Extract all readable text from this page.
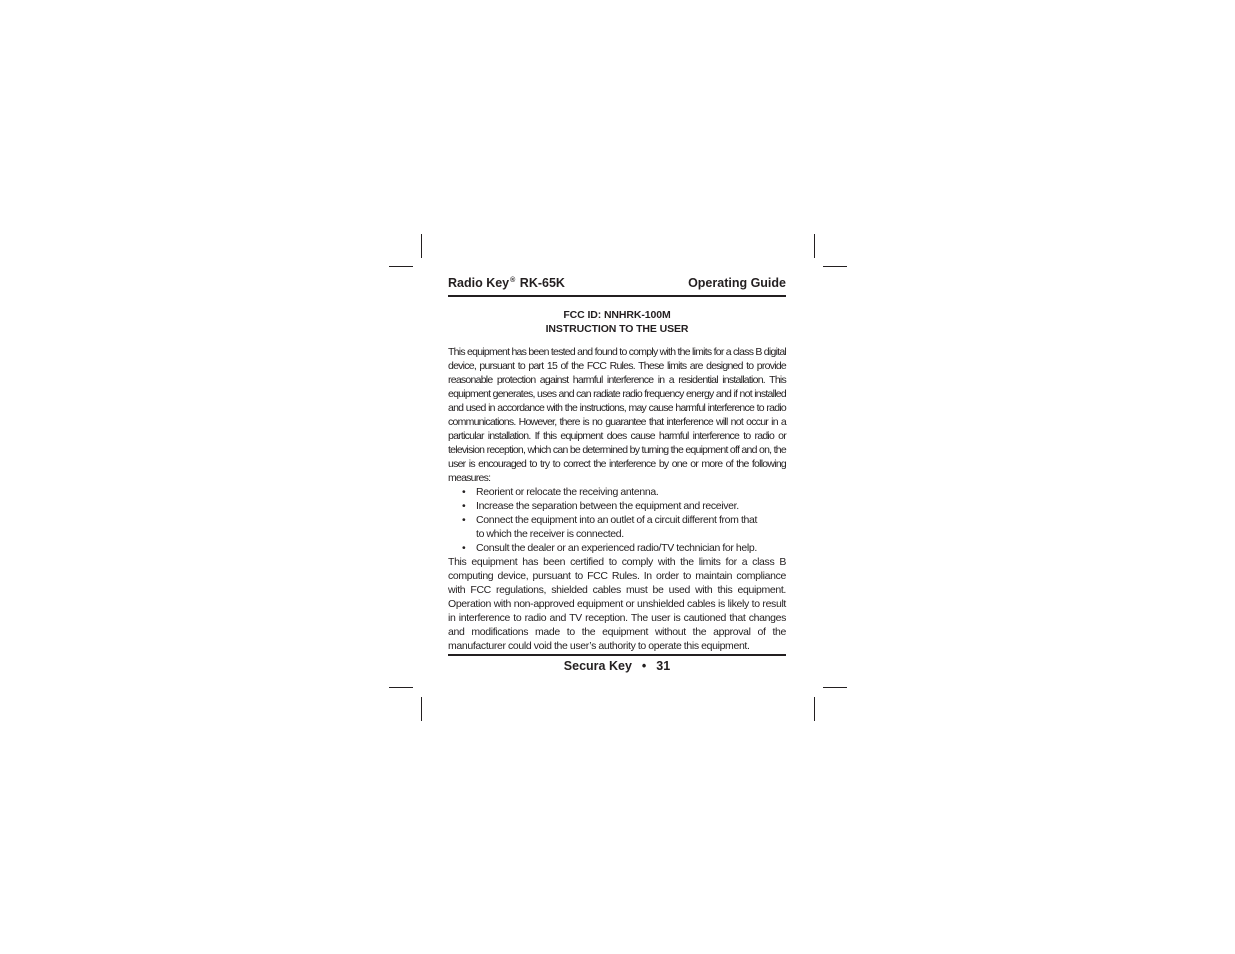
Radio Key® RK-65K	Operating Guide
FCC ID: NNHRK-100M
INSTRUCTION TO THE USER

This equipment has been tested and found to comply with the limits for a class B digital device, pursuant to part 15 of the FCC Rules. These limits are designed to provide reasonable protection against harmful interference in a residential installation. This equipment generates, uses and can radiate radio frequency energy and if not installed and used in accordance with the instructions, may cause harmful interference to radio communications. However, there is no guarantee that interference will not occur in a particular installation. If this equipment does cause harmful interference to radio or television reception, which can be determined by turning the equipment off and on, the user is encouraged to try to correct the interference by one or more of the following measures:

• Reorient or relocate the receiving antenna.
• Increase the separation between the equipment and receiver.
• Connect the equipment into an outlet of a circuit different from that to which the receiver is connected.
• Consult the dealer or an experienced radio/TV technician for help.

This equipment has been certified to comply with the limits for a class B computing device, pursuant to FCC Rules. In order to maintain compliance with FCC regulations, shielded cables must be used with this equipment. Operation with non-approved equipment or unshielded cables is likely to result in interference to radio and TV reception. The user is cautioned that changes and modifications made to the equipment without the approval of the manufacturer could void the user’s authority to operate this equipment.

Secura Key • 31
